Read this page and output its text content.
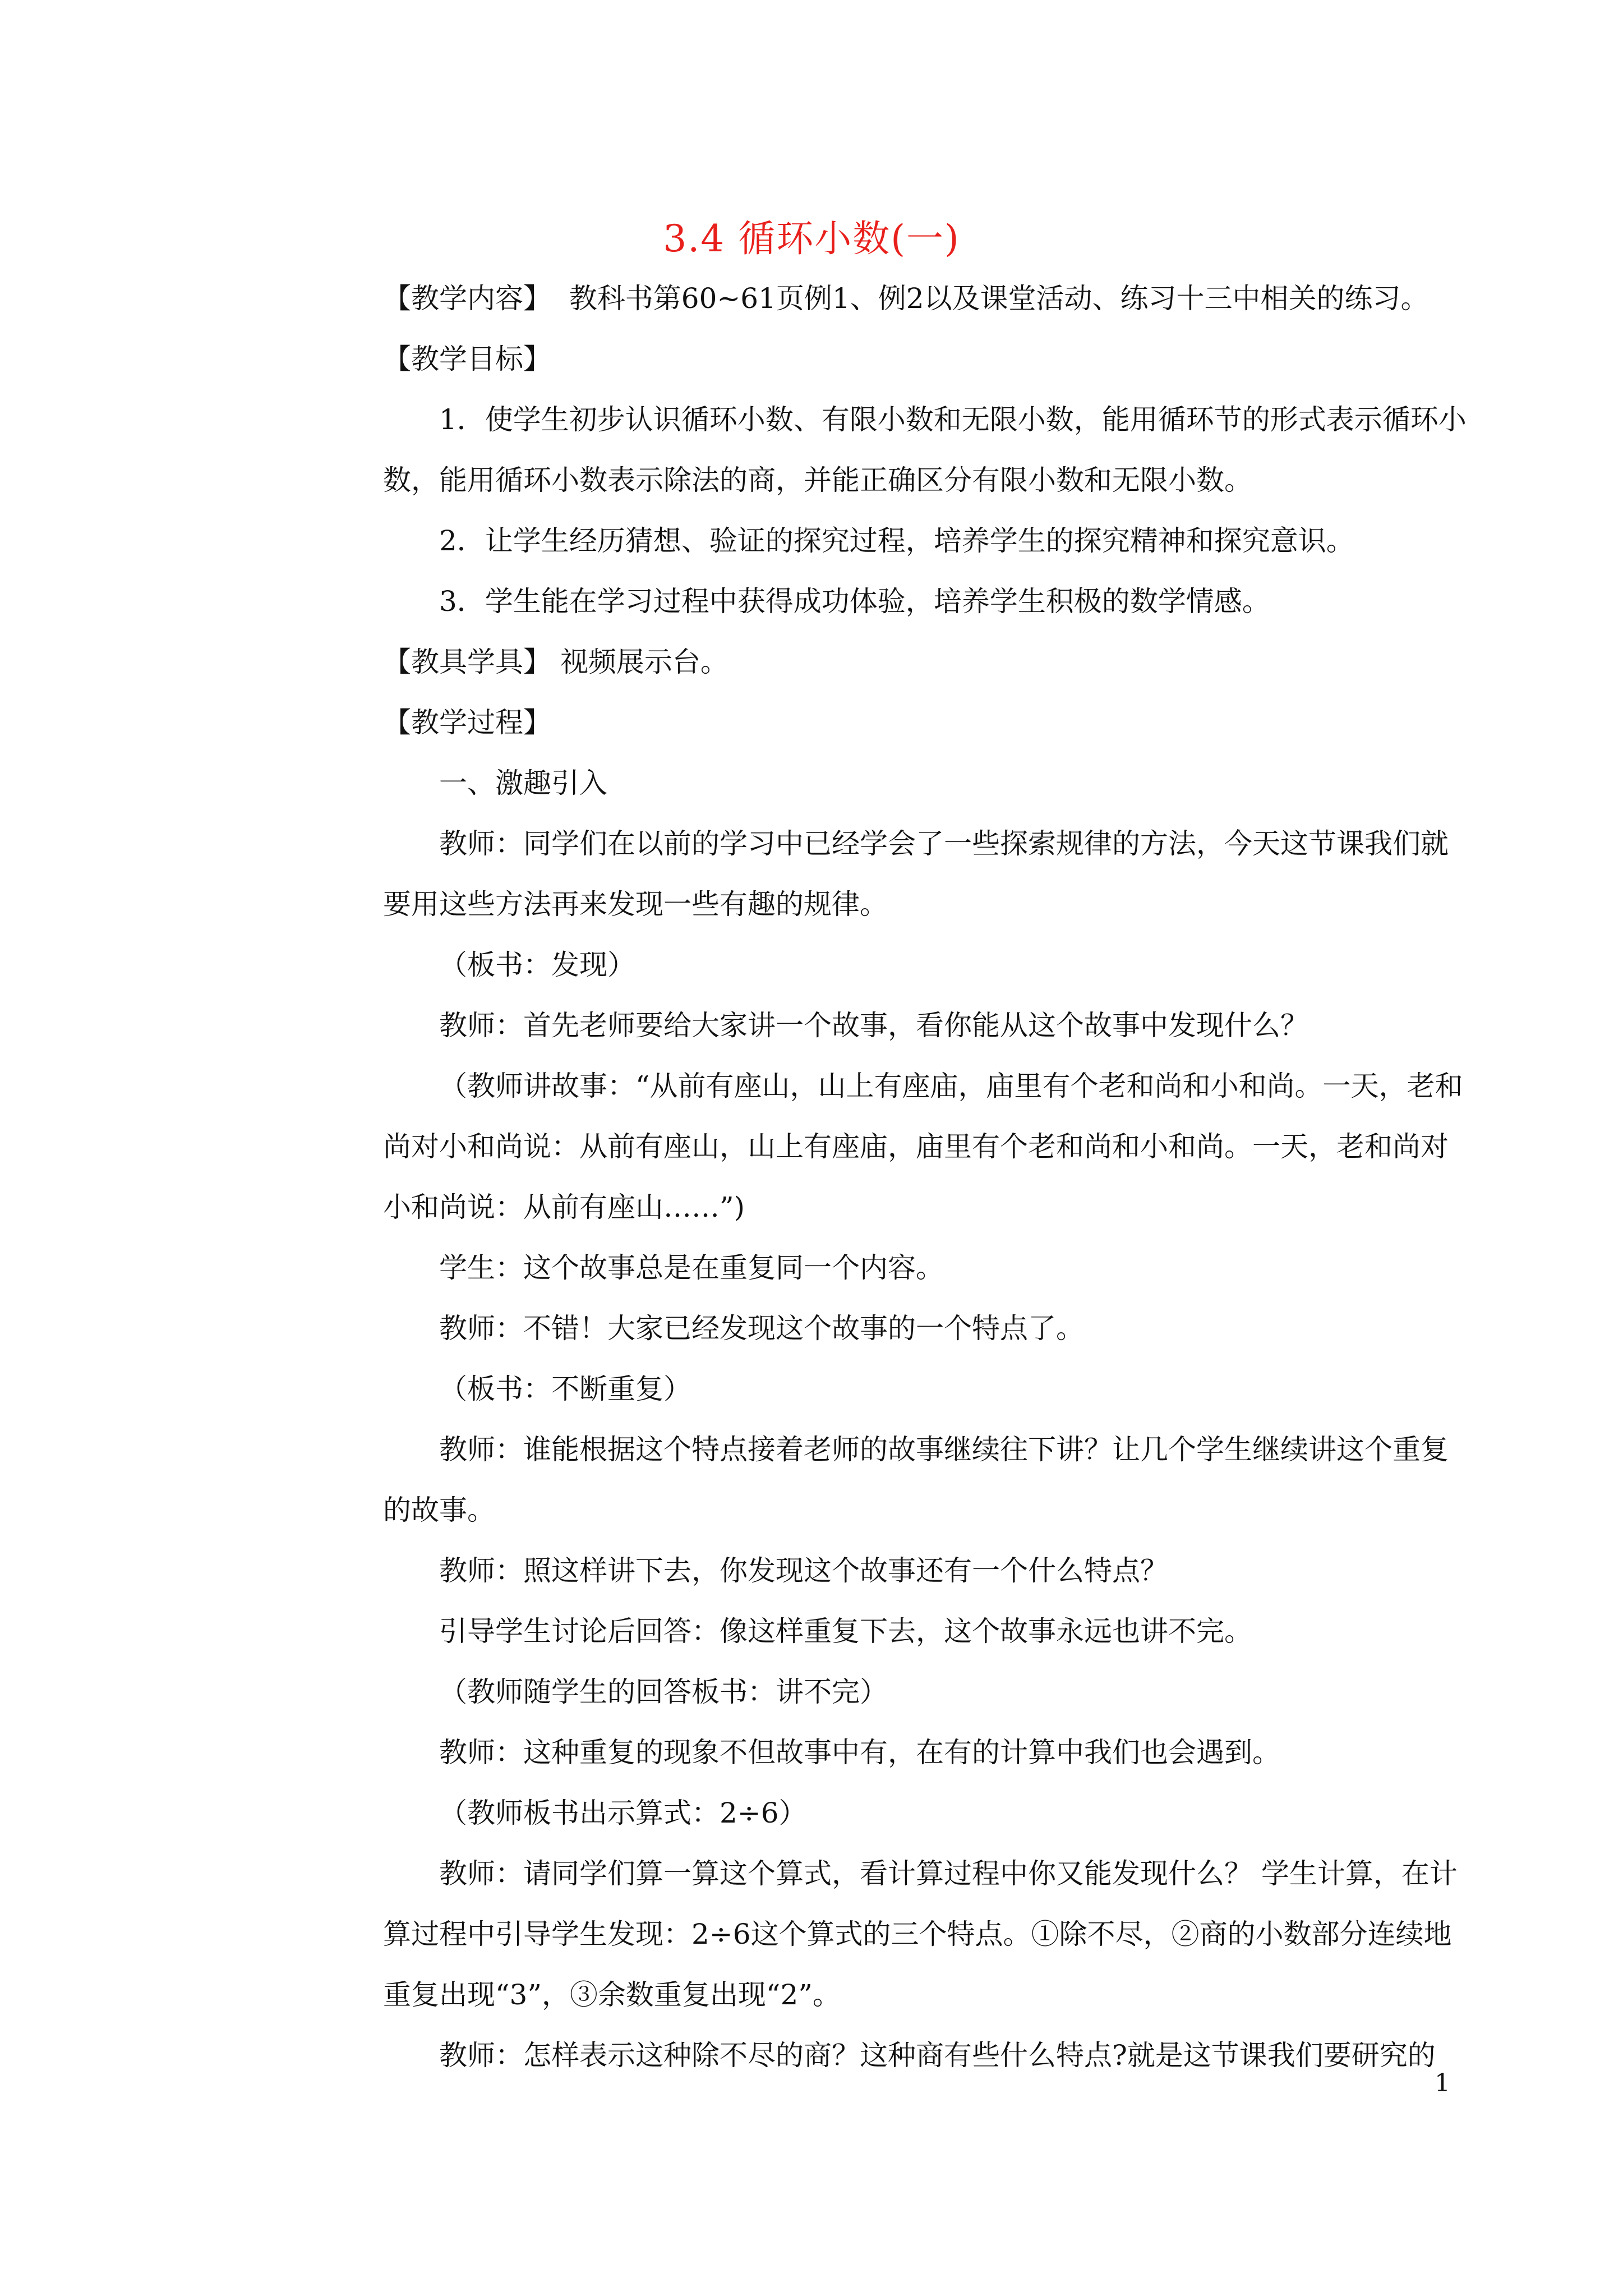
3.4 循环小数(一)

【教学内容】  教科书第60~61页例1、例2以及课堂活动、练习十三中相关的练习。

【教学目标】

1．使学生初步认识循环小数、有限小数和无限小数，能用循环节的形式表示循环小数，能用循环小数表示除法的商，并能正确区分有限小数和无限小数。

2．让学生经历猜想、验证的探究过程，培养学生的探究精神和探究意识。

3．学生能在学习过程中获得成功体验，培养学生积极的数学情感。

【教具学具】 视频展示台。

【教学过程】

一、激趣引入

教师：同学们在以前的学习中已经学会了一些探索规律的方法，今天这节课我们就要用这些方法再来发现一些有趣的规律。

（板书：发现）

教师：首先老师要给大家讲一个故事，看你能从这个故事中发现什么？

（教师讲故事：“从前有座山，山上有座庙，庙里有个老和尚和小和尚。一天，老和尚对小和尚说：从前有座山，山上有座庙，庙里有个老和尚和小和尚。一天，老和尚对小和尚说：从前有座山……”)

学生：这个故事总是在重复同一个内容。

教师：不错！大家已经发现这个故事的一个特点了。

（板书：不断重复）

教师：谁能根据这个特点接着老师的故事继续往下讲？让几个学生继续讲这个重复的故事。

教师：照这样讲下去，你发现这个故事还有一个什么特点？

引导学生讨论后回答：像这样重复下去，这个故事永远也讲不完。

（教师随学生的回答板书：讲不完）

教师：这种重复的现象不但故事中有，在有的计算中我们也会遇到。

（教师板书出示算式：2÷6）

教师：请同学们算一算这个算式，看计算过程中你又能发现什么？ 学生计算，在计算过程中引导学生发现：2÷6这个算式的三个特点。①除不尽，②商的小数部分连续地重复出现“3”，③余数重复出现“2”。

教师：怎样表示这种除不尽的商？这种商有些什么特点?就是这节课我们要研究的

1
